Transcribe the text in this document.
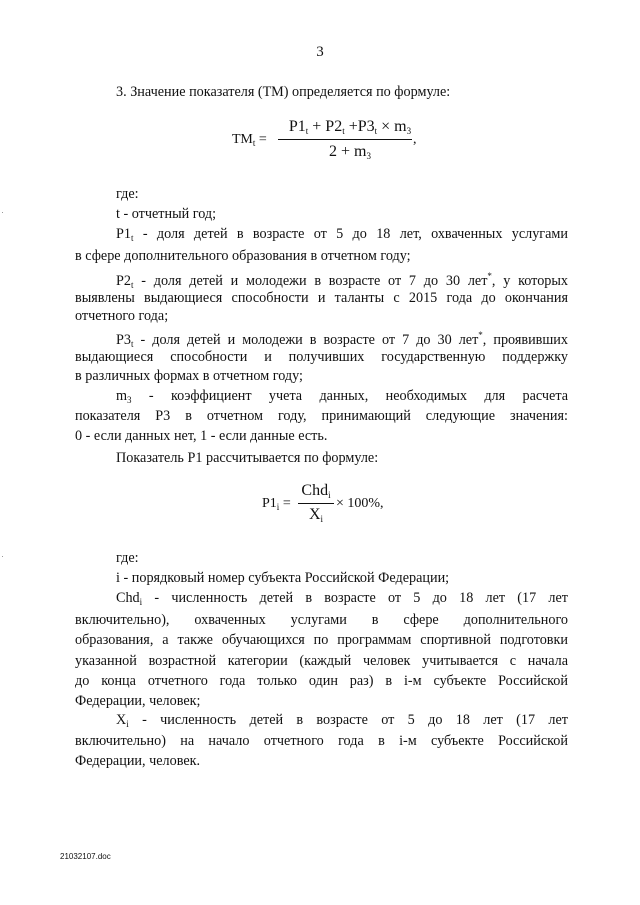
3
3. Значение показателя (ТМ) определяется по формуле:
$ТМ_t$ =
$Р1_t + Р2_t +Р3_t \times m_3$
$2 + m_3$
,
где:
t - отчетный год;
$Р1_t$ - доля детей в возрасте от 5 до 18 лет, охваченных услугами
в сфере дополнительного образования в отчетном году;
$Р2_t$ - доля детей и молодежи в возрасте от 7 до 30 лет*, у которых
выявлены выдающиеся способности и таланты с 2015 года до окончания
отчетного года;
$Р3_t$ - доля детей и молодежи в возрасте от 7 до 30 лет*, проявивших
выдающиеся способности и получивших государственную поддержку
в различных формах в отчетном году;
$m_3$ - коэффициент учета данных, необходимых для расчета
показателя Р3 в отчетном году, принимающий следующие значения:
0 - если данных нет, 1 - если данные есть.
Показатель Р1 рассчитывается по формуле:
$Р1_i$ =
Chd$_i$
$X_i$
× 100%,
где:
i - порядковый номер субъекта Российской Федерации;
Chd$_i$ - численность детей в возрасте от 5 до 18 лет (17 лет
включительно), охваченных услугами в сфере дополнительного
образования, а также обучающихся по программам спортивной подготовки
указанной возрастной категории (каждый человек учитывается с начала
до конца отчетного года только один раз) в i-м субъекте Российской
Федерации, человек;
$X_i$ - численность детей в возрасте от 5 до 18 лет (17 лет
включительно) на начало отчетного года в i-м субъекте Российской
Федерации, человек.
21032107.doc
